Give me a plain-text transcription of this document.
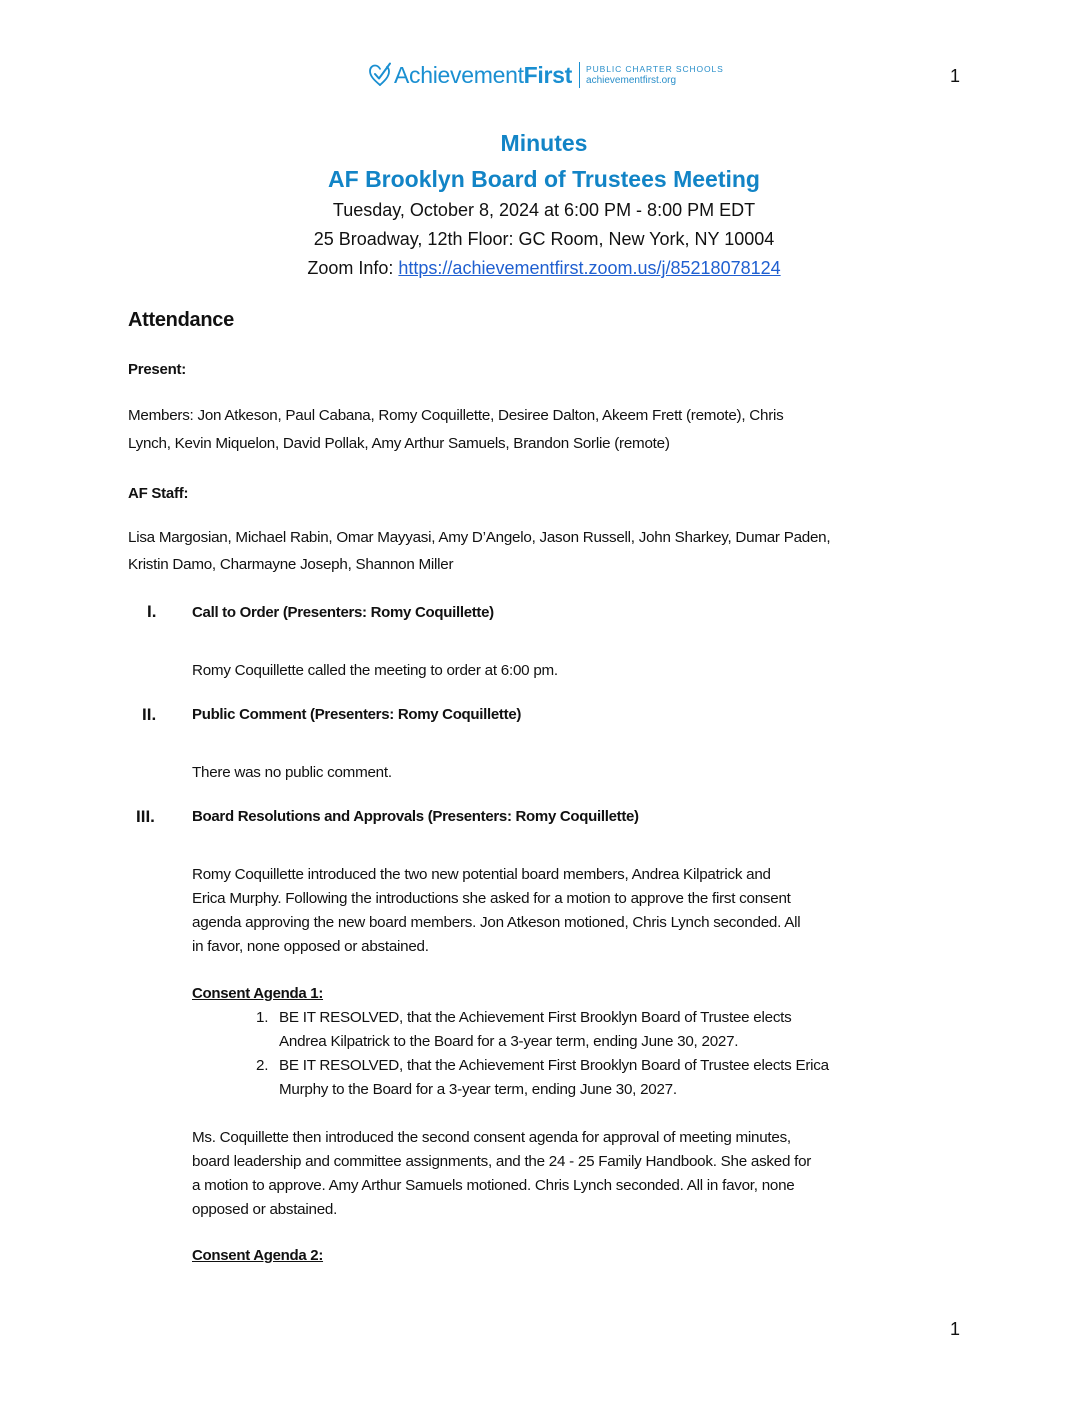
AchievementFirst PUBLIC CHARTER SCHOOLS
achievementfirst.org	1

Minutes

AF Brooklyn Board of Trustees Meeting

Tuesday, October 8, 2024 at 6:00 PM - 8:00 PM EDT

25 Broadway, 12th Floor: GC Room, New York, NY 10004

Zoom Info: https://achievementfirst.zoom.us/j/85218078124

Attendance
Present:
Members: Jon Atkeson, Paul Cabana, Romy Coquillette, Desiree Dalton, Akeem Frett (remote), Chris
Lynch, Kevin Miquelon, David Pollak, Amy Arthur Samuels, Brandon Sorlie (remote)
AF Staff:
Lisa Margosian, Michael Rabin, Omar Mayyasi, Amy D’Angelo, Jason Russell, John Sharkey, Dumar Paden,
Kristin Damo, Charmayne Joseph, Shannon Miller
I. Call to Order (Presenters: Romy Coquillette)
Romy Coquillette called the meeting to order at 6:00 pm.
II. Public Comment (Presenters: Romy Coquillette)
There was no public comment.
III. Board Resolutions and Approvals (Presenters: Romy Coquillette)
Romy Coquillette introduced the two new potential board members, Andrea Kilpatrick and
Erica Murphy. Following the introductions she asked for a motion to approve the first consent
agenda approving the new board members. Jon Atkeson motioned, Chris Lynch seconded. All
in favor, none opposed or abstained.
Consent Agenda 1:
1. BE IT RESOLVED, that the Achievement First Brooklyn Board of Trustee elects
Andrea Kilpatrick to the Board for a 3-year term, ending June 30, 2027.
2. BE IT RESOLVED, that the Achievement First Brooklyn Board of Trustee elects Erica
Murphy to the Board for a 3-year term, ending June 30, 2027.
Ms. Coquillette then introduced the second consent agenda for approval of meeting minutes,
board leadership and committee assignments, and the 24 - 25 Family Handbook. She asked for
a motion to approve. Amy Arthur Samuels motioned. Chris Lynch seconded. All in favor, none
opposed or abstained.
Consent Agenda 2:
1
